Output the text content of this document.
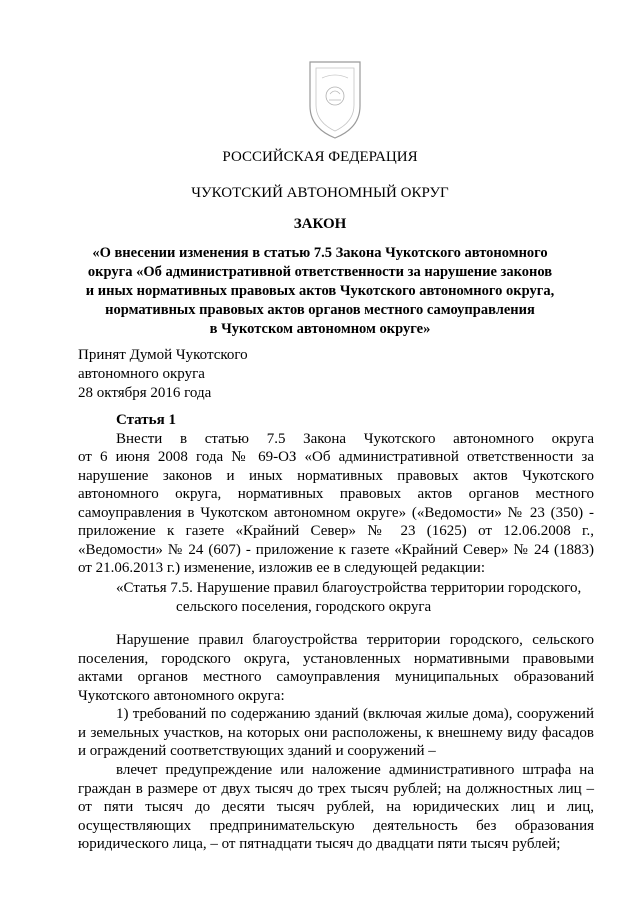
РОССИЙСКАЯ ФЕДЕРАЦИЯ
ЧУКОТСКИЙ АВТОНОМНЫЙ ОКРУГ
ЗАКОН
«О внесении изменения в статью 7.5 Закона Чукотского автономного
округа «Об административной ответственности за нарушение законов
и иных нормативных правовых актов Чукотского автономного округа,
нормативных правовых актов органов местного самоуправления
в Чукотском автономном округе»
Принят Думой Чукотского
автономного округа
28 октября 2016 года
Статья 1
Внести в статью 7.5 Закона Чукотского автономного округа
от 6 июня 2008 года № 69-ОЗ «Об административной ответственности за
нарушение законов и иных нормативных правовых актов Чукотского
автономного округа, нормативных правовых актов органов местного
самоуправления в Чукотском автономном округе» («Ведомости» № 23 (350) -
приложение к газете «Крайний Север» № 23 (1625) от 12.06.2008 г.,
«Ведомости» № 24 (607) - приложение к газете «Крайний Север» № 24 (1883)
от 21.06.2013 г.) изменение, изложив ее в следующей редакции:
«Статья 7.5. Нарушение правил благоустройства территории городского,
сельского поселения, городского округа
Нарушение правил благоустройства территории городского, сельского
поселения, городского округа, установленных нормативными правовыми
актами органов местного самоуправления муниципальных образований
Чукотского автономного округа:
1) требований по содержанию зданий (включая жилые дома), сооружений
и земельных участков, на которых они расположены, к внешнему виду фасадов
и ограждений соответствующих зданий и сооружений –
влечет предупреждение или наложение административного штрафа на
граждан в размере от двух тысяч до трех тысяч рублей; на должностных лиц –
от пяти тысяч до десяти тысяч рублей, на юридических лиц и лиц,
осуществляющих предпринимательскую деятельность без образования
юридического лица, – от пятнадцати тысяч до двадцати пяти тысяч рублей;
